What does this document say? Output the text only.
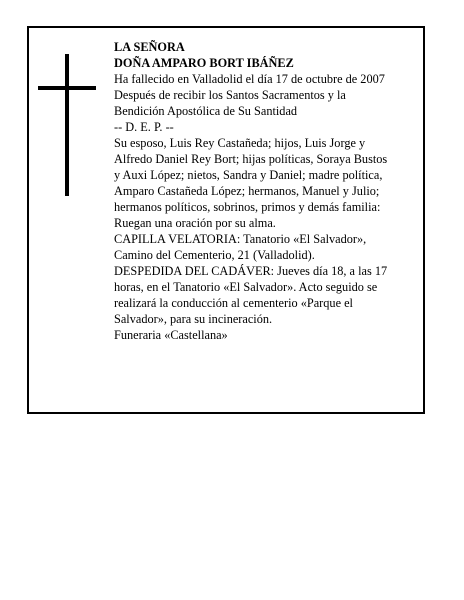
LA SEÑORA

DOÑA AMPARO BORT IBÁÑEZ

Ha fallecido en Valladolid el día 17 de octubre de 2007

Después de recibir los Santos Sacramentos y la

Bendición Apostólica de Su Santidad

-- D. E. P. --

Su esposo, Luis Rey Castañeda; hijos, Luis Jorge y

Alfredo Daniel Rey Bort; hijas políticas, Soraya Bustos

y Auxi López; nietos, Sandra y Daniel; madre política,

Amparo Castañeda López; hermanos, Manuel y Julio;

hermanos políticos, sobrinos, primos y demás familia:

Ruegan una oración por su alma.

CAPILLA VELATORIA: Tanatorio «El Salvador»,

Camino del Cementerio, 21 (Valladolid).

DESPEDIDA DEL CADÁVER: Jueves día 18, a las 17

horas, en el Tanatorio «El Salvador». Acto seguido se

realizará la conducción al cementerio «Parque el

Salvador», para su incineración.

Funeraria «Castellana»
